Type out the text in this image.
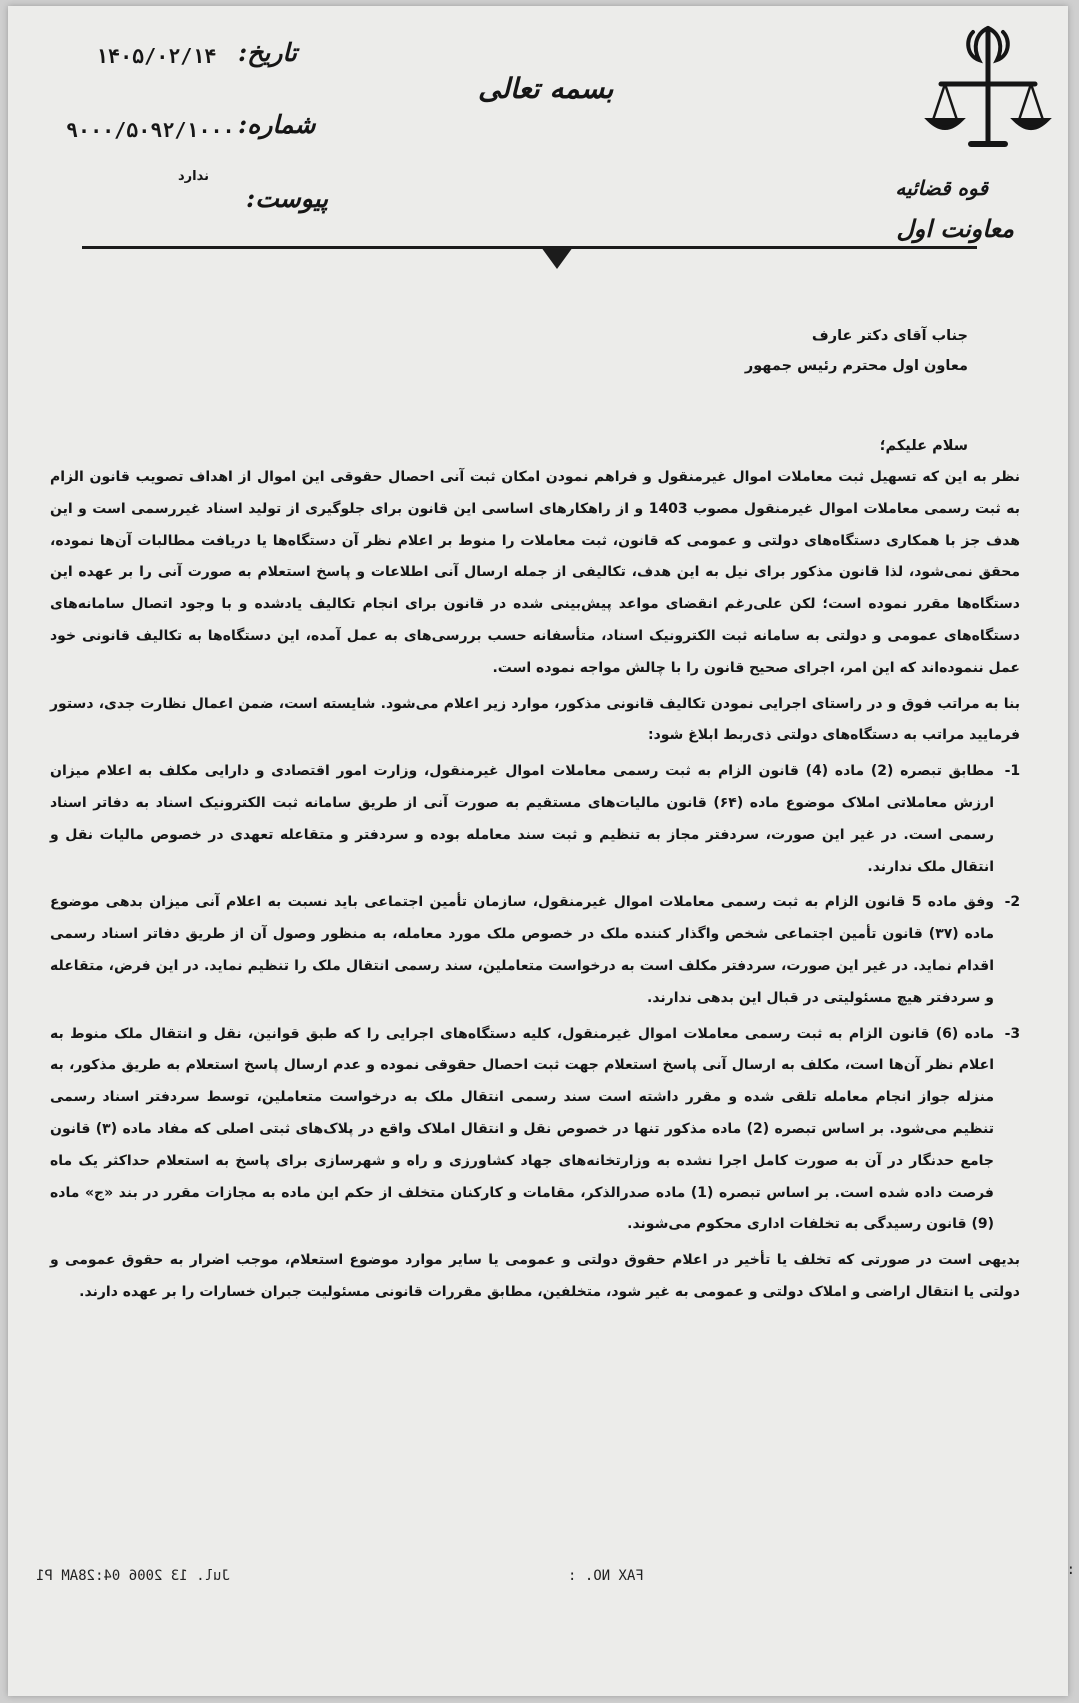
قوه قضائیه
معاونت اول
بسمه تعالی
تاریخ:
۱۴۰۵/۰۲/۱۴
شماره:
۹۰۰۰/۵۰۹۲/۱۰۰۰
پیوست:
ندارد
جناب آقای دکتر عارف
معاون اول محترم رئیس جمهور
سلام علیکم؛

نظر به این که تسهیل ثبت معاملات اموال غیرمنقول و فراهم نمودن امکان ثبت آنی احصال حقوقی این اموال از اهداف تصویب قانون الزام به ثبت رسمی معاملات اموال غیرمنقول مصوب 1403 و از راهکارهای اساسی این قانون برای جلوگیری از تولید اسناد غیررسمی است و این هدف جز با همکاری دستگاه‌های دولتی و عمومی که قانون، ثبت معاملات را منوط بر اعلام نظر آن دستگاه‌ها یا دریافت مطالبات آن‌ها نموده، محقق نمی‌شود، لذا قانون مذکور برای نیل به این هدف، تکالیفی از جمله ارسال آنی اطلاعات و پاسخ استعلام به صورت آنی را بر عهده این دستگاه‌ها مقرر نموده است؛ لکن علی‌رغم انقضای مواعد پیش‌بینی شده در قانون برای انجام تکالیف یادشده و با وجود اتصال سامانه‌های دستگاه‌های عمومی و دولتی به سامانه ثبت الکترونیک اسناد، متأسفانه حسب بررسی‌های به عمل آمده، این دستگاه‌ها به تکالیف قانونی خود عمل ننموده‌اند که این امر، اجرای صحیح قانون را با چالش مواجه نموده است.

بنا به مراتب فوق و در راستای اجرایی نمودن تکالیف قانونی مذکور، موارد زیر اعلام می‌شود. شایسته است، ضمن اعمال نظارت جدی، دستور فرمایید مراتب به دستگاه‌های دولتی ذی‌ربط ابلاغ شود:

-1
مطابق تبصره (2) ماده (4) قانون الزام به ثبت رسمی معاملات اموال غیرمنقول، وزارت امور اقتصادی و دارایی مکلف به اعلام میزان ارزش معاملاتی املاک موضوع ماده (۶۴) قانون مالیات‌های مستقیم به صورت آنی از طریق سامانه ثبت الکترونیک اسناد به دفاتر اسناد رسمی است. در غیر این صورت، سردفتر مجاز به تنظیم و ثبت سند معامله بوده و سردفتر و متقاعله تعهدی در خصوص مالیات نقل و انتقال ملک ندارند.
-2
وفق ماده 5 قانون الزام به ثبت رسمی معاملات اموال غیرمنقول، سازمان تأمین اجتماعی باید نسبت به اعلام آنی میزان بدهی موضوع ماده (۳۷) قانون تأمین اجتماعی شخص واگذار کننده ملک در خصوص ملک مورد معامله، به منظور وصول آن از طریق دفاتر اسناد رسمی اقدام نماید. در غیر این صورت، سردفتر مکلف است به درخواست متعاملین، سند رسمی انتقال ملک را تنظیم نماید. در این فرض، متقاعله و سردفتر هیچ مسئولیتی در قبال این بدهی ندارند.
-3
ماده (6) قانون الزام به ثبت رسمی معاملات اموال غیرمنقول، کلیه دستگاه‌های اجرایی را که طبق قوانین، نقل و انتقال ملک منوط به اعلام نظر آن‌ها است، مکلف به ارسال آنی پاسخ استعلام جهت ثبت احصال حقوقی نموده و عدم ارسال پاسخ استعلام به طریق مذکور، به منزله جواز انجام معامله تلقی شده و مقرر داشته است سند رسمی انتقال ملک به درخواست متعاملین، توسط سردفتر اسناد رسمی تنظیم می‌شود. بر اساس تبصره (2) ماده مذکور تنها در خصوص نقل و انتقال املاک واقع در پلاک‌های ثبتی اصلی که مفاد ماده (۳) قانون جامع حدنگار در آن به صورت کامل اجرا نشده به وزارتخانه‌های جهاد کشاورزی و راه و شهرسازی برای پاسخ به استعلام حداکثر یک ماه فرصت داده شده است. بر اساس تبصره (1) ماده صدرالذکر، مقامات و کارکنان متخلف از حکم این ماده به مجازات مقرر در بند «ج» ماده (9) قانون رسیدگی به تخلفات اداری محکوم می‌شوند.

بدیهی است در صورتی که تخلف یا تأخیر در اعلام حقوق دولتی و عمومی یا سایر موارد موضوع استعلام، موجب اضرار به حقوق عمومی و دولتی یا انتقال اراضی و املاک دولتی و عمومی به غیر شود، متخلفین، مطابق مقررات قانونی مسئولیت جبران خسارات را بر عهده دارند.

Jul. 13 2006 04:28AM P1	FAX NO. :	:
